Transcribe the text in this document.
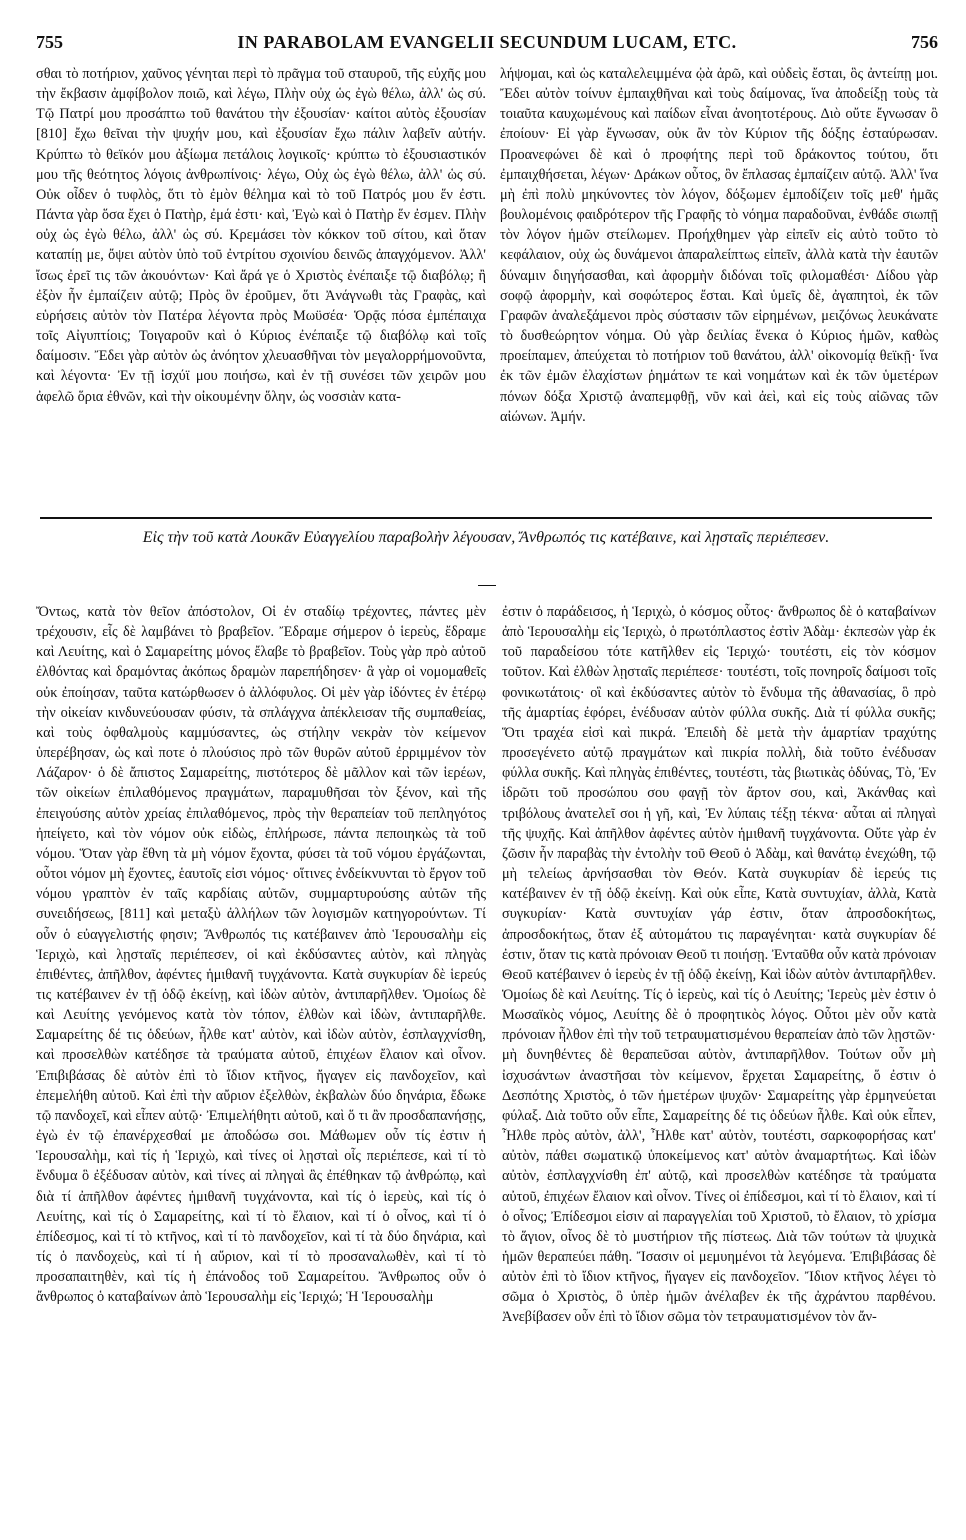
755	IN PARABOLAM EVANGELII SECUNDUM LUCAM, ETC.	756

σθαι τὸ ποτήριον, χαῦνος γένηται περὶ τὸ πρᾶγμα τοῦ σταυροῦ, τῆς εὐχῆς μου τὴν ἔκβασιν ἀμφίβολον ποιῶ, καὶ λέγω, Πλὴν οὐχ ὡς ἐγὼ θέλω, ἀλλ' ὡς σύ. Τῷ Πατρί μου προσάπτω τοῦ θανάτου τὴν ἐξουσίαν· καίτοι αὐτὸς ἐξουσίαν [810] ἔχω θεῖναι τὴν ψυχήν μου, καὶ ἐξουσίαν ἔχω πάλιν λαβεῖν αὐτήν. Κρύπτω τὸ θεϊκόν μου ἀξίωμα πετάλοις λογικοῖς· κρύπτω τὸ ἐξουσιαστικόν μου τῆς θεότητος λόγοις ἀνθρωπίνοις· λέγω, Οὐχ ὡς ἐγὼ θέλω, ἀλλ' ὡς σύ. Οὐκ οἶδεν ὁ τυφλὸς, ὅτι τὸ ἐμὸν θέλημα καὶ τὸ τοῦ Πατρός μου ἕν ἐστι. Πάντα γὰρ ὅσα ἔχει ὁ Πατὴρ, ἐμά ἐστι· καὶ, Ἐγὼ καὶ ὁ Πατὴρ ἕν ἐσμεν. Πλὴν οὐχ ὡς ἐγὼ θέλω, ἀλλ' ὡς σύ. Κρεμάσει τὸν κόκκον τοῦ σίτου, καὶ ὅταν καταπίῃ με, ὄψει αὐτὸν ὑπὸ τοῦ ἐντρίτου σχοινίου δεινῶς ἀπαγχόμενον. Ἀλλ' ἴσως ἐρεῖ τις τῶν ἀκουόντων· Καὶ ἄρά γε ὁ Χριστὸς ἐνέπαιξε τῷ διαβόλῳ; ἢ ἐξὸν ἦν ἐμπαίζειν αὐτῷ; Πρὸς ὃν ἐροῦμεν, ὅτι Ἀνάγνωθι τὰς Γραφὰς, καὶ εὑρήσεις αὐτὸν τὸν Πατέρα λέγοντα πρὸς Μωϋσέα· Ὁρᾷς πόσα ἐμπέπαιχα τοῖς Αἰγυπτίοις; Τοιγαροῦν καὶ ὁ Κύριος ἐνέπαιξε τῷ διαβόλῳ καὶ τοῖς δαίμοσιν. Ἔδει γὰρ αὐτὸν ὡς ἀνόητον χλευασθῆναι τὸν μεγαλορρήμονοῦντα, καὶ λέγοντα· Ἐν τῇ ἰσχύϊ μου ποιήσω, καὶ ἐν τῇ συνέσει τῶν χειρῶν μου ἀφελῶ ὅρια ἐθνῶν, καὶ τὴν οἰκουμένην ὅλην, ὡς νοσσιὰν κατα-

λήψομαι, καὶ ὡς καταλελειμμένα ᾠὰ ἀρῶ, καὶ οὐδεὶς ἔσται, ὃς ἀντείπῃ μοι. Ἔδει αὐτὸν τοίνυν ἐμπαιχθῆναι καὶ τοὺς δαίμονας, ἵνα ἀποδείξῃ τοὺς τὰ τοιαῦτα καυχωμένους καὶ παίδων εἶναι ἀνοητοτέρους. Διὸ οὔτε ἔγνωσαν ὃ ἐποίουν· Εἰ γὰρ ἔγνωσαν, οὐκ ἂν τὸν Κύριον τῆς δόξης ἐσταύρωσαν. Προανεφώνει δὲ καὶ ὁ προφήτης περὶ τοῦ δράκοντος τούτου, ὅτι ἐμπαιχθήσεται, λέγων· Δράκων οὗτος, ὃν ἔπλασας ἐμπαίζειν αὐτῷ. Ἀλλ' ἵνα μὴ ἐπὶ πολὺ μηκύνοντες τὸν λόγον, δόξωμεν ἐμποδίζειν τοῖς μεθ' ἡμᾶς βουλομένοις φαιδρότερον τῆς Γραφῆς τὸ νόημα παραδοῦναι, ἐνθάδε σιωπῇ τὸν λόγον ἡμῶν στείλωμεν. Προήχθημεν γὰρ εἰπεῖν εἰς αὐτὸ τοῦτο τὸ κεφάλαιον, οὐχ ὡς δυνάμενοι ἀπαραλείπτως εἰπεῖν, ἀλλὰ κατὰ τὴν ἑαυτῶν δύναμιν διηγήσασθαι, καὶ ἀφορμὴν διδόναι τοῖς φιλομαθέσι· Δίδου γὰρ σοφῷ ἀφορμὴν, καὶ σοφώτερος ἔσται. Καὶ ὑμεῖς δὲ, ἀγαπητοὶ, ἐκ τῶν Γραφῶν ἀναλεξάμενοι πρὸς σύστασιν τῶν εἰρημένων, μειζόνως λευκάνατε τὸ δυσθεώρητον νόημα. Οὐ γὰρ δειλίας ἕνεκα ὁ Κύριος ἡμῶν, καθὼς προείπαμεν, ἀπεύχεται τὸ ποτήριον τοῦ θανάτου, ἀλλ' οἰκονομίᾳ θεϊκῇ· ἵνα ἐκ τῶν ἐμῶν ἐλαχίστων ῥημάτων τε καὶ νοημάτων καὶ ἐκ τῶν ὑμετέρων πόνων δόξα Χριστῷ ἀναπεμφθῇ, νῦν καὶ ἀεὶ, καὶ εἰς τοὺς αἰῶνας τῶν αἰώνων. Ἀμήν.

Εἰς τὴν τοῦ κατὰ Λουκᾶν Εὐαγγελίου παραβολὴν λέγουσαν, Ἄνθρωπός τις κατέβαινε, καὶ λῃσταῖς περιέπεσεν.

Ὄντως, κατὰ τὸν θεῖον ἀπόστολον, Οἱ ἐν σταδίῳ τρέχοντες, πάντες μὲν τρέχουσιν, εἷς δὲ λαμβάνει τὸ βραβεῖον. Ἔδραμε σήμερον ὁ ἱερεὺς, ἔδραμε καὶ Λευίτης, καὶ ὁ Σαμαρείτης μόνος ἔλαβε τὸ βραβεῖον. Τοὺς γὰρ πρὸ αὐτοῦ ἐλθόντας καὶ δραμόντας ἀκόπως δραμὼν παρεπήδησεν· ἃ γὰρ οἱ νομομαθεῖς οὐκ ἐποίησαν, ταῦτα κατώρθωσεν ὁ ἀλλόφυλος. Οἱ μὲν γὰρ ἰδόντες ἐν ἑτέρῳ τὴν οἰκείαν κινδυνεύουσαν φύσιν, τὰ σπλάγχνα ἀπέκλεισαν τῆς συμπαθείας, καὶ τοὺς ὀφθαλμοὺς καμμύσαντες, ὡς στήλην νεκρὰν τὸν κείμενον ὑπερέβησαν, ὡς καὶ ποτε ὁ πλούσιος πρὸ τῶν θυρῶν αὐτοῦ ἐρριμμένον τὸν Λάζαρον· ὁ δὲ ἄπιστος Σαμαρείτης, πιστότερος δὲ μᾶλλον καὶ τῶν ἱερέων, τῶν οἰκείων ἐπιλαθόμενος πραγμάτων, παραμυθῆσαι τὸν ξένον, καὶ τῆς ἐπειγούσης αὐτὸν χρείας ἐπιλαθόμενος, πρὸς τὴν θεραπείαν τοῦ πεπληγότος ἠπείγετο, καὶ τὸν νόμον οὐκ εἰδὼς, ἐπλήρωσε, πάντα πεποιηκὼς τὰ τοῦ νόμου. Ὅταν γὰρ ἔθνη τὰ μὴ νόμον ἔχοντα, φύσει τὰ τοῦ νόμου ἐργάζωνται, οὗτοι νόμον μὴ ἔχοντες, ἑαυτοῖς εἰσι νόμος· οἵτινες ἐνδείκνυνται τὸ ἔργον τοῦ νόμου γραπτὸν ἐν ταῖς καρδίαις αὐτῶν, συμμαρτυρούσης αὐτῶν τῆς συνειδήσεως, [811] καὶ μεταξὺ ἀλλήλων τῶν λογισμῶν κατηγορούντων. Τί οὖν ὁ εὐαγγελιστής φησιν; Ἄνθρωπός τις κατέβαινεν ἀπὸ Ἱερουσαλὴμ εἰς Ἱεριχὼ, καὶ λῃσταῖς περιέπεσεν, οἱ καὶ ἐκδύσαντες αὐτὸν, καὶ πληγὰς ἐπιθέντες, ἀπῆλθον, ἀφέντες ἡμιθανῆ τυγχάνοντα. Κατὰ συγκυρίαν δὲ ἱερεύς τις κατέβαινεν ἐν τῇ ὁδῷ ἐκείνῃ, καὶ ἰδὼν αὐτὸν, ἀντιπαρῆλθεν. Ὁμοίως δὲ καὶ Λευίτης γενόμενος κατὰ τὸν τόπον, ἐλθὼν καὶ ἰδὼν, ἀντιπαρῆλθε. Σαμαρείτης δέ τις ὁδεύων, ἦλθε κατ' αὐτὸν, καὶ ἰδὼν αὐτὸν, ἐσπλαγχνίσθη, καὶ προσελθὼν κατέδησε τὰ τραύματα αὐτοῦ, ἐπιχέων ἔλαιον καὶ οἶνον. Ἐπιβιβάσας δὲ αὐτὸν ἐπὶ τὸ ἴδιον κτῆνος, ἤγαγεν εἰς πανδοχεῖον, καὶ ἐπεμελήθη αὐτοῦ. Καὶ ἐπὶ τὴν αὔριον ἐξελθὼν, ἐκβαλὼν δύο δηνάρια, ἔδωκε τῷ πανδοχεῖ, καὶ εἶπεν αὐτῷ· Ἐπιμελήθητι αὐτοῦ, καὶ ὅ τι ἂν προσδαπανήσῃς, ἐγὼ ἐν τῷ ἐπανέρχεσθαί με ἀποδώσω σοι. Μάθωμεν οὖν τίς ἐστιν ἡ Ἱερουσαλὴμ, καὶ τίς ἡ Ἱεριχὼ, καὶ τίνες οἱ λῃσταὶ οἷς περιέπεσε, καὶ τί τὸ ἔνδυμα ὃ ἐξέδυσαν αὐτὸν, καὶ τίνες αἱ πληγαὶ ἃς ἐπέθηκαν τῷ ἀνθρώπῳ, καὶ διὰ τί ἀπῆλθον ἀφέντες ἡμιθανῆ τυγχάνοντα, καὶ τίς ὁ ἱερεὺς, καὶ τίς ὁ Λευίτης, καὶ τίς ὁ Σαμαρείτης, καὶ τί τὸ ἔλαιον, καὶ τί ὁ οἶνος, καὶ τί ὁ ἐπίδεσμος, καὶ τί τὸ κτῆνος, καὶ τί τὸ πανδοχεῖον, καὶ τί τὰ δύο δηνάρια, καὶ τίς ὁ πανδοχεὺς, καὶ τί ἡ αὔριον, καὶ τί τὸ προσαναλωθὲν, καὶ τί τὸ προσαπαιτηθὲν, καὶ τίς ἡ ἐπάνοδος τοῦ Σαμαρείτου. Ἄνθρωπος οὖν ὁ ἄνθρωπος ὁ καταβαίνων ἀπὸ Ἱερουσαλὴμ εἰς Ἱεριχώ; Ἡ Ἱερουσαλὴμ

ἐστιν ὁ παράδεισος, ἡ Ἱεριχὼ, ὁ κόσμος οὗτος· ἄνθρωπος δὲ ὁ καταβαίνων ἀπὸ Ἱερουσαλὴμ εἰς Ἱεριχὼ, ὁ πρωτόπλαστος ἐστὶν Ἀδὰμ· ἐκπεσὼν γὰρ ἐκ τοῦ παραδείσου τότε κατῆλθεν εἰς Ἱεριχώ· τουτέστι, εἰς τὸν κόσμον τοῦτον. Καὶ ἐλθὼν λῃσταῖς περιέπεσε· τουτέστι, τοῖς πονηροῖς δαίμοσι τοῖς φονικωτάτοις· οἳ καὶ ἐκδύσαντες αὐτὸν τὸ ἔνδυμα τῆς ἀθανασίας, ὃ πρὸ τῆς ἁμαρτίας ἐφόρει, ἐνέδυσαν αὐτὸν φύλλα συκῆς. Διὰ τί φύλλα συκῆς; Ὅτι τραχέα εἰσὶ καὶ πικρά. Ἐπειδὴ δὲ μετὰ τὴν ἁμαρτίαν τραχύτης προσεγένετο αὐτῷ πραγμάτων καὶ πικρία πολλὴ, διὰ τοῦτο ἐνέδυσαν φύλλα συκῆς. Καὶ πληγὰς ἐπιθέντες, τουτέστι, τὰς βιωτικὰς ὀδύνας, Τὸ, Ἐν ἱδρῶτι τοῦ προσώπου σου φαγῇ τὸν ἄρτον σου, καὶ, Ἀκάνθας καὶ τριβόλους ἀνατελεῖ σοι ἡ γῆ, καὶ, Ἐν λύπαις τέξῃ τέκνα· αὗται αἱ πληγαὶ τῆς ψυχῆς. Καὶ ἀπῆλθον ἀφέντες αὐτὸν ἡμιθανῆ τυγχάνοντα. Οὔτε γὰρ ἐν ζῶσιν ἦν παραβὰς τὴν ἐντολὴν τοῦ Θεοῦ ὁ Ἀδὰμ, καὶ θανάτῳ ἐνεχώθη, τῷ μὴ τελείως ἀρνήσασθαι τὸν Θεόν. Κατὰ συγκυρίαν δὲ ἱερεύς τις κατέβαινεν ἐν τῇ ὁδῷ ἐκείνῃ. Καὶ οὐκ εἶπε, Κατὰ συντυχίαν, ἀλλὰ, Κατὰ συγκυρίαν· Κατὰ συντυχίαν γάρ ἐστιν, ὅταν ἀπροσδοκήτως, ἀπροσδοκήτως, ὅταν ἐξ αὐτομάτου τις παραγένηται· κατὰ συγκυρίαν δέ ἐστιν, ὅταν τις κατὰ πρόνοιαν Θεοῦ τι ποιήσῃ. Ἐνταῦθα οὖν κατὰ πρόνοιαν Θεοῦ κατέβαινεν ὁ ἱερεὺς ἐν τῇ ὁδῷ ἐκείνῃ, Καὶ ἰδὼν αὐτὸν ἀντιπαρῆλθεν. Ὁμοίως δὲ καὶ Λευίτης. Τίς ὁ ἱερεὺς, καὶ τίς ὁ Λευίτης; Ἱερεὺς μὲν ἐστιν ὁ Μωσαϊκὸς νόμος, Λευίτης δὲ ὁ προφητικὸς λόγος. Οὗτοι μὲν οὖν κατὰ πρόνοιαν ἦλθον ἐπὶ τὴν τοῦ τετραυματισμένου θεραπείαν ἀπὸ τῶν λῃστῶν· μὴ δυνηθέντες δὲ θεραπεῦσαι αὐτὸν, ἀντιπαρῆλθον. Τούτων οὖν μὴ ἰσχυσάντων ἀναστῆσαι τὸν κείμενον, ἔρχεται Σαμαρείτης, ὅ ἐστιν ὁ Δεσπότης Χριστὸς, ὁ τῶν ἡμετέρων ψυχῶν· Σαμαρείτης γὰρ ἑρμηνεύεται φύλαξ. Διὰ τοῦτο οὖν εἶπε, Σαμαρείτης δέ τις ὁδεύων ἦλθε. Καὶ οὐκ εἶπεν, Ἦλθε πρὸς αὐτὸν, ἀλλ', Ἦλθε κατ' αὐτὸν, τουτέστι, σαρκοφορήσας κατ' αὐτὸν, πάθει σωματικῷ ὑποκείμενος κατ' αὐτὸν ἀναμαρτήτως. Καὶ ἰδὼν αὐτὸν, ἐσπλαγχνίσθη ἐπ' αὐτῷ, καὶ προσελθὼν κατέδησε τὰ τραύματα αὐτοῦ, ἐπιχέων ἔλαιον καὶ οἶνον. Τίνες οἱ ἐπίδεσμοι, καὶ τί τὸ ἔλαιον, καὶ τί ὁ οἶνος; Ἐπίδεσμοι εἰσιν αἱ παραγγελίαι τοῦ Χριστοῦ, τὸ ἔλαιον, τὸ χρίσμα τὸ ἅγιον, οἶνος δὲ τὸ μυστήριον τῆς πίστεως. Διὰ τῶν τούτων τὰ ψυχικὰ ἡμῶν θεραπεύει πάθη. Ἴσασιν οἱ μεμυημένοι τὰ λεγόμενα. Ἐπιβιβάσας δὲ αὐτὸν ἐπὶ τὸ ἴδιον κτῆνος, ἤγαγεν εἰς πανδοχεῖον. Ἴδιον κτῆνος λέγει τὸ σῶμα ὁ Χριστὸς, ὃ ὑπὲρ ἡμῶν ἀνέλαβεν ἐκ τῆς ἀχράντου παρθένου. Ἀνεβίβασεν οὖν ἐπὶ τὸ ἴδιον σῶμα τὸν τετραυματισμένον τὸν ἄν-
